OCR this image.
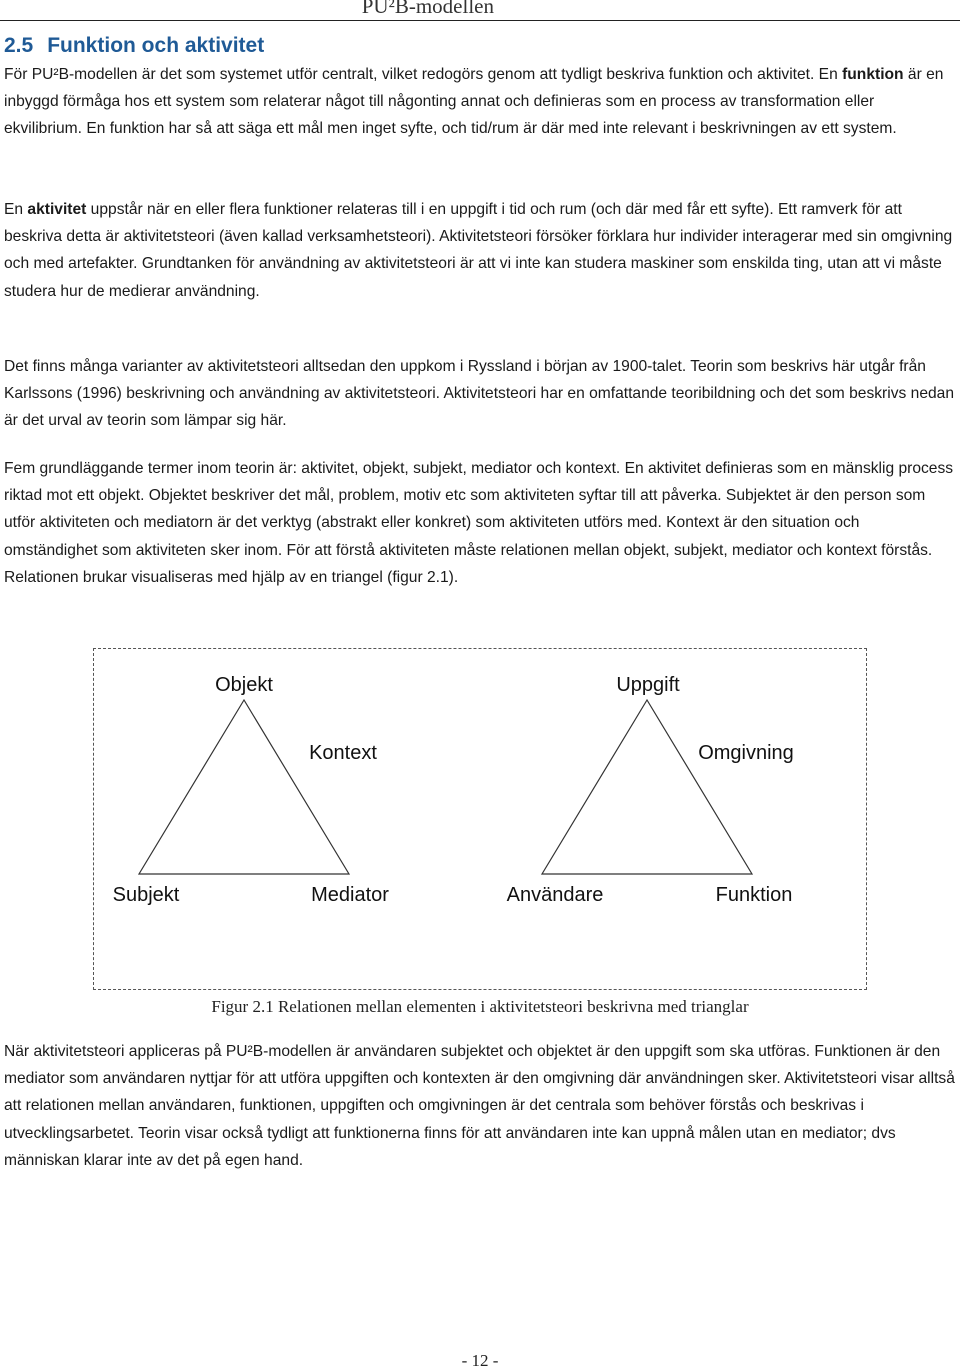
PU²B-modellen
2.5 Funktion och aktivitet

För PU²B-modellen är det som systemet utför centralt, vilket redogörs genom att tydligt beskriva funktion och aktivitet. En funktion är en inbyggd förmåga hos ett system som relaterar något till någonting annat och definieras som en process av transformation eller ekvilibrium. En funktion har så att säga ett mål men inget syfte, och tid/rum är där med inte relevant i beskrivningen av ett system.

En aktivitet uppstår när en eller flera funktioner relateras till i en uppgift i tid och rum (och där med får ett syfte). Ett ramverk för att beskriva detta är aktivitetsteori (även kallad verksamhetsteori). Aktivitetsteori försöker förklara hur individer interagerar med sin omgivning och med artefakter. Grundtanken för användning av aktivitetsteori är att vi inte kan studera maskiner som enskilda ting, utan att vi måste studera hur de medierar användning.

Det finns många varianter av aktivitetsteori alltsedan den uppkom i Ryssland i början av 1900-talet. Teorin som beskrivs här utgår från Karlssons (1996) beskrivning och användning av aktivitetsteori. Aktivitetsteori har en omfattande teoribildning och det som beskrivs nedan är det urval av teorin som lämpar sig här.

Fem grundläggande termer inom teorin är: aktivitet, objekt, subjekt, mediator och kontext. En aktivitet definieras som en mänsklig process riktad mot ett objekt. Objektet beskriver det mål, problem, motiv etc som aktiviteten syftar till att påverka. Subjektet är den person som utför aktiviteten och mediatorn är det verktyg (abstrakt eller konkret) som aktiviteten utförs med. Kontext är den situation och omständighet som aktiviteten sker inom. För att förstå aktiviteten måste relationen mellan objekt, subjekt, mediator och kontext förstås. Relationen brukar visualiseras med hjälp av en triangel (figur 2.1).

Objekt
Kontext
Subjekt	Mediator
Uppgift
Omgivning
Användare	Funktion
Figur 2.1 Relationen mellan elementen i aktivitetsteori beskrivna med trianglar

När aktivitetsteori appliceras på PU²B-modellen är användaren subjektet och objektet är den uppgift som ska utföras. Funktionen är den mediator som användaren nyttjar för att utföra uppgiften och kontexten är den omgivning där användningen sker. Aktivitetsteori visar alltså att relationen mellan användaren, funktionen, uppgiften och omgivningen är det centrala som behöver förstås och beskrivas i utvecklingsarbetet. Teorin visar också tydligt att funktionerna finns för att användaren inte kan uppnå målen utan en mediator; dvs människan klarar inte av det på egen hand.

- 12 -
